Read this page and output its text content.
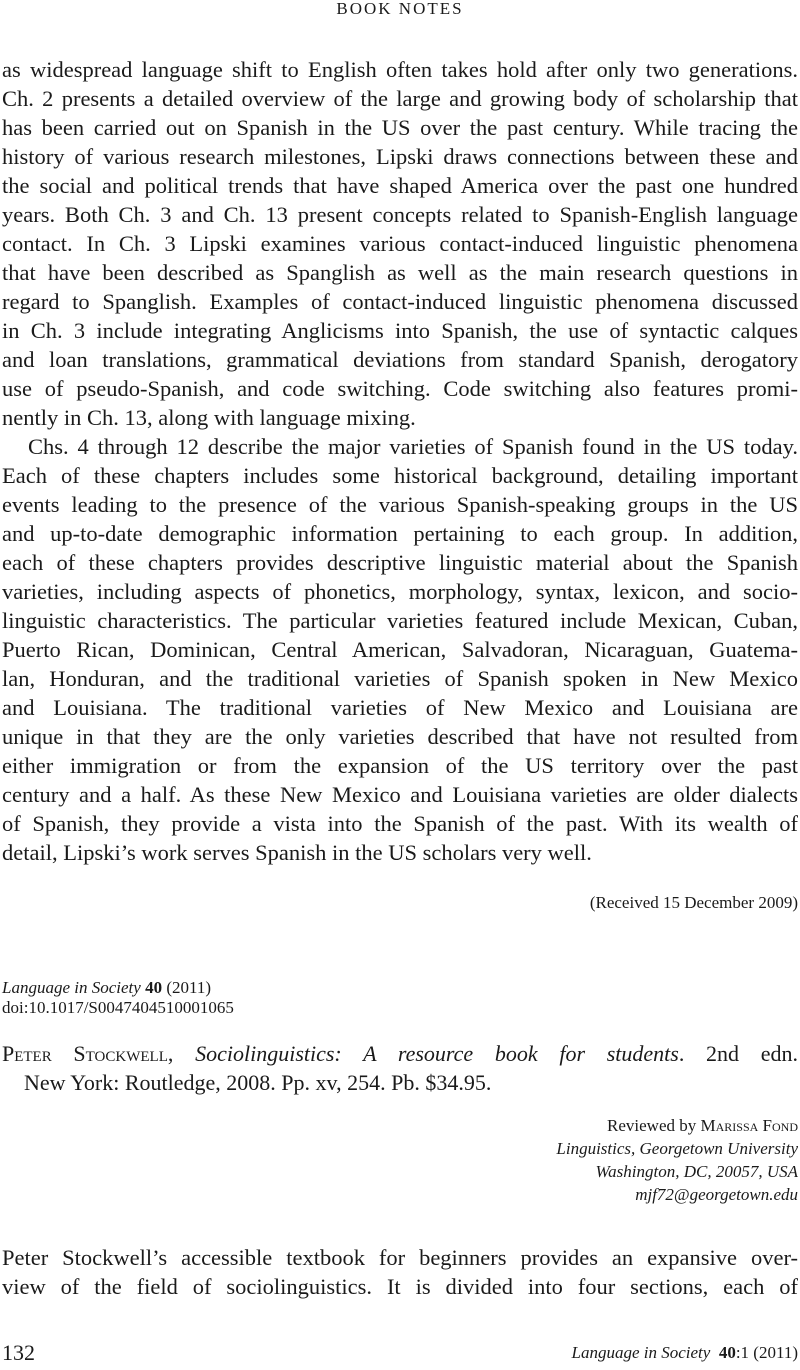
BOOK NOTES
as widespread language shift to English often takes hold after only two generations.
Ch. 2 presents a detailed overview of the large and growing body of scholarship that
has been carried out on Spanish in the US over the past century. While tracing the
history of various research milestones, Lipski draws connections between these and
the social and political trends that have shaped America over the past one hundred
years. Both Ch. 3 and Ch. 13 present concepts related to Spanish-English language
contact. In Ch. 3 Lipski examines various contact-induced linguistic phenomena
that have been described as Spanglish as well as the main research questions in
regard to Spanglish. Examples of contact-induced linguistic phenomena discussed
in Ch. 3 include integrating Anglicisms into Spanish, the use of syntactic calques
and loan translations, grammatical deviations from standard Spanish, derogatory
use of pseudo-Spanish, and code switching. Code switching also features promi-
nently in Ch. 13, along with language mixing.
Chs. 4 through 12 describe the major varieties of Spanish found in the US today.
Each of these chapters includes some historical background, detailing important
events leading to the presence of the various Spanish-speaking groups in the US
and up-to-date demographic information pertaining to each group. In addition,
each of these chapters provides descriptive linguistic material about the Spanish
varieties, including aspects of phonetics, morphology, syntax, lexicon, and socio-
linguistic characteristics. The particular varieties featured include Mexican, Cuban,
Puerto Rican, Dominican, Central American, Salvadoran, Nicaraguan, Guatema-
lan, Honduran, and the traditional varieties of Spanish spoken in New Mexico
and Louisiana. The traditional varieties of New Mexico and Louisiana are
unique in that they are the only varieties described that have not resulted from
either immigration or from the expansion of the US territory over the past
century and a half. As these New Mexico and Louisiana varieties are older dialects
of Spanish, they provide a vista into the Spanish of the past. With its wealth of
detail, Lipski’s work serves Spanish in the US scholars very well.
(Received 15 December 2009)
Language in Society 40 (2011)
doi:10.1017/S0047404510001065
Peter Stockwell, Sociolinguistics: A resource book for students. 2nd edn.
New York: Routledge, 2008. Pp. xv, 254. Pb. $34.95.
Reviewed by Marissa Fond
Linguistics, Georgetown University
Washington, DC, 20057, USA
mjf72@georgetown.edu
Peter Stockwell’s accessible textbook for beginners provides an expansive over-
view of the field of sociolinguistics. It is divided into four sections, each of
132	Language in Society 40:1 (2011)
